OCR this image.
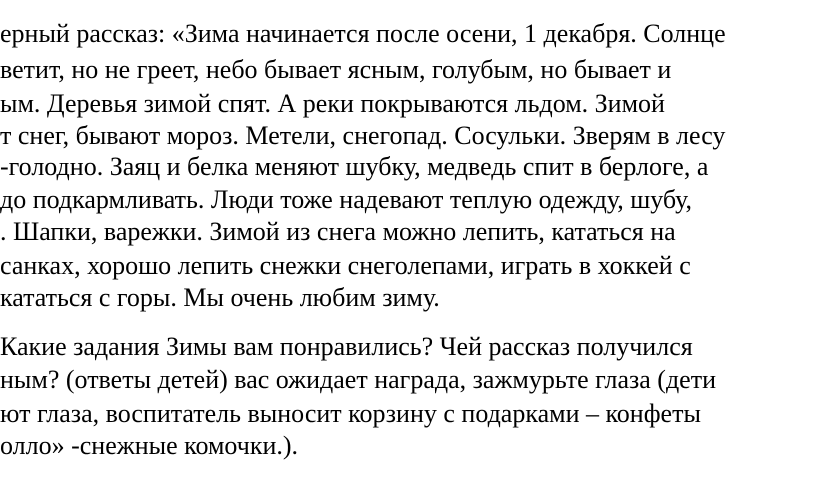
ерный рассказ: «Зима начинается после осени, 1 декабря. Солнце
ветит, но не греет, небо бывает ясным, голубым, но бывает и
ым. Деревья зимой спят. А реки покрываются льдом. Зимой
т снег, бывают мороз. Метели, снегопад. Сосульки. Зверям в лесу
-голодно. Заяц и белка меняют шубку, медведь спит в берлоге, а
до подкармливать. Люди тоже надевают теплую одежду, шубу,
. Шапки, варежки. Зимой из снега можно лепить, кататься на
санках, хорошо лепить снежки снеголепами, играть в хоккей с
кататься с горы. Мы очень любим зиму.
Какие задания Зимы вам понравились? Чей рассказ получился
ным? (ответы детей) вас ожидает награда, зажмурьте глаза (дети
ют глаза, воспитатель выносит корзину с подарками – конфеты
олло» -снежные комочки.).
